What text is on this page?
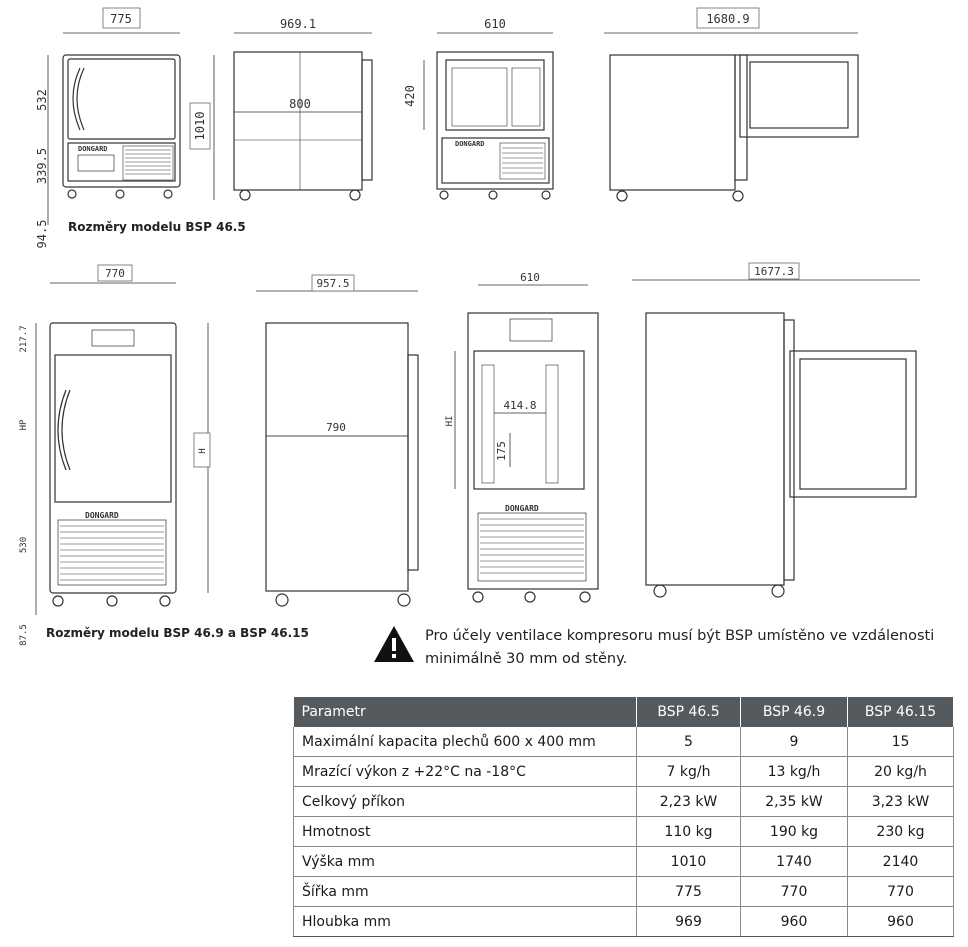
775	969.1	610	1680.9
800
532
339.5
94.5
1010
420
DONGARD
DONGARD
Rozměry modelu BSP 46.5
770
957.5	610	1677.3
790
414.8
175
217.7
HP
530
87.5
H
HI
DONGARD
DONGARD
Rozměry modelu BSP 46.9 a BSP 46.15	Pro účely ventilace kompresoru musí být BSP umístěno ve vzdálenosti minimálně 30 mm od stěny.
Parametr	BSP 46.5	BSP 46.9	BSP 46.15
Maximální kapacita plechů 600 x 400 mm	5	9	15
Mrazící výkon z +22°C na -18°C	7 kg/h	13 kg/h	20 kg/h
Celkový příkon	2,23 kW	2,35 kW	3,23 kW
Hmotnost	110 kg	190 kg	230 kg
Výška mm	1010	1740	2140
Šířka mm	775	770	770
Hloubka mm	969	960	960
